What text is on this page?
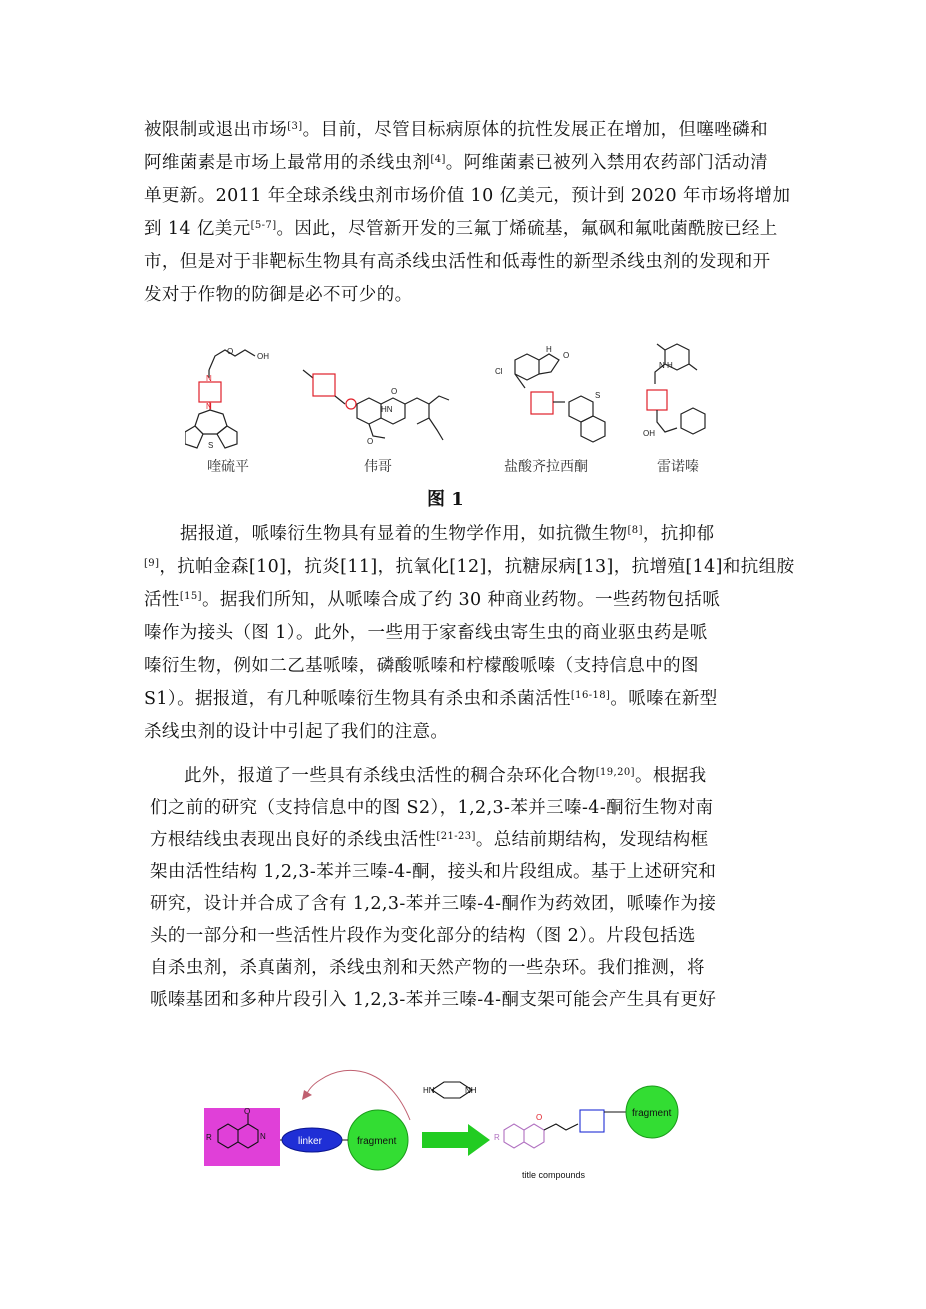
被限制或退出市场[3]。目前，尽管目标病原体的抗性发展正在增加，但噻唑磷和
阿维菌素是市场上最常用的杀线虫剂[4]。阿维菌素已被列入禁用农药部门活动清
单更新。2011 年全球杀线虫剂市场价值 10 亿美元，预计到 2020 年市场将增加
到 14 亿美元[5-7]。因此，尽管新开发的三氟丁烯硫基，氟砜和氟吡菌酰胺已经上
市，但是对于非靶标生物具有高杀线虫活性和低毒性的新型杀线虫剂的发现和开
发对于作物的防御是必不可少的。
O
OH
N
N
S
O
HN
O
Cl
H
O
S
N H
OH
喹硫平	伟哥	盐酸齐拉西酮	雷诺嗪
图 1
据报道，哌嗪衍生物具有显着的生物学作用，如抗微生物[8]，抗抑郁
[9]，抗帕金森[10]，抗炎[11]，抗氧化[12]，抗糖尿病[13]，抗增殖[14]和抗组胺
活性[15]。据我们所知，从哌嗪合成了约 30 种商业药物。一些药物包括哌
嗪作为接头（图 1）。此外，一些用于家畜线虫寄生虫的商业驱虫药是哌
嗪衍生物，例如二乙基哌嗪，磷酸哌嗪和柠檬酸哌嗪（支持信息中的图
S1）。据报道，有几种哌嗪衍生物具有杀虫和杀菌活性[16-18]。哌嗪在新型
杀线虫剂的设计中引起了我们的注意。
此外，报道了一些具有杀线虫活性的稠合杂环化合物[19,20]。根据我
们之前的研究（支持信息中的图 S2），1,2,3-苯并三嗪-4-酮衍生物对南
方根结线虫表现出良好的杀线虫活性[21-23]。总结前期结构，发现结构框
架由活性结构 1,2,3-苯并三嗪-4-酮，接头和片段组成。基于上述研究和
研究，设计并合成了含有 1,2,3-苯并三嗪-4-酮作为药效团，哌嗪作为接
头的一部分和一些活性片段作为变化部分的结构（图 2）。片段包括选
自杀虫剂，杀真菌剂，杀线虫剂和天然产物的一些杂环。我们推测，将
哌嗪基团和多种片段引入 1,2,3-苯并三嗪-4-酮支架可能会产生具有更好
O
R	N	linker	fragment
HN	NH
O
R
fragment
title compounds
